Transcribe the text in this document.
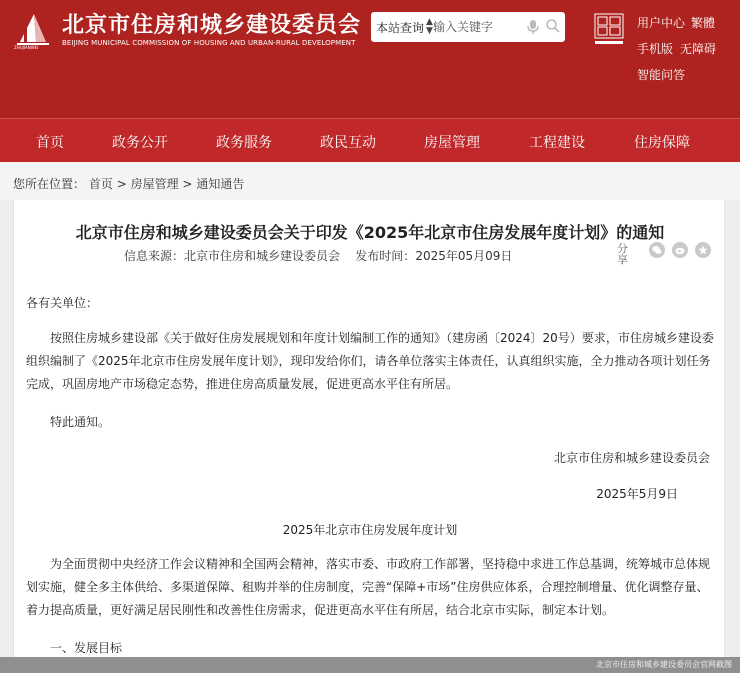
ZHUJIANWEI
北京市住房和城乡建设委员会
BEIJING MUNICIPAL COMMISSION OF HOUSING AND URBAN-RURAL DEVELOPMENT
本站查询 ▲
▼
输入关键字
用户中心 繁體
手机版 无障碍
智能问答
首页	政务公开	政务服务	政民互动	房屋管理	工程建设	住房保障
您所在位置： 首页 > 房屋管理 > 通知通告
北京市住房和城乡建设委员会关于印发《2025年北京市住房发展年度计划》的通知
信息来源：北京市住房和城乡建设委员会 发布时间：2025年05月09日
分享
各有关单位：
按照住房城乡建设部《关于做好住房发展规划和年度计划编制工作的通知》（建房函〔2024〕20号）要求，市住房城乡建设委组织编制了《2025年北京市住房发展年度计划》，现印发给你们，请各单位落实主体责任，认真组织实施，全力推动各项计划任务完成，巩固房地产市场稳定态势，推进住房高质量发展，促进更高水平住有所居。
特此通知。
北京市住房和城乡建设委员会
2025年5月9日
2025年北京市住房发展年度计划
为全面贯彻中央经济工作会议精神和全国两会精神，落实市委、市政府工作部署，坚持稳中求进工作总基调，统筹城市总体规划实施，健全多主体供给、多渠道保障、租购并举的住房制度，完善“保障+市场”住房供应体系，合理控制增量、优化调整存量、着力提高质量，更好满足居民刚性和改善性住房需求，促进更高水平住有所居，结合北京市实际，制定本计划。
一、发展目标
北京市住房和城乡建设委员会官网截图
